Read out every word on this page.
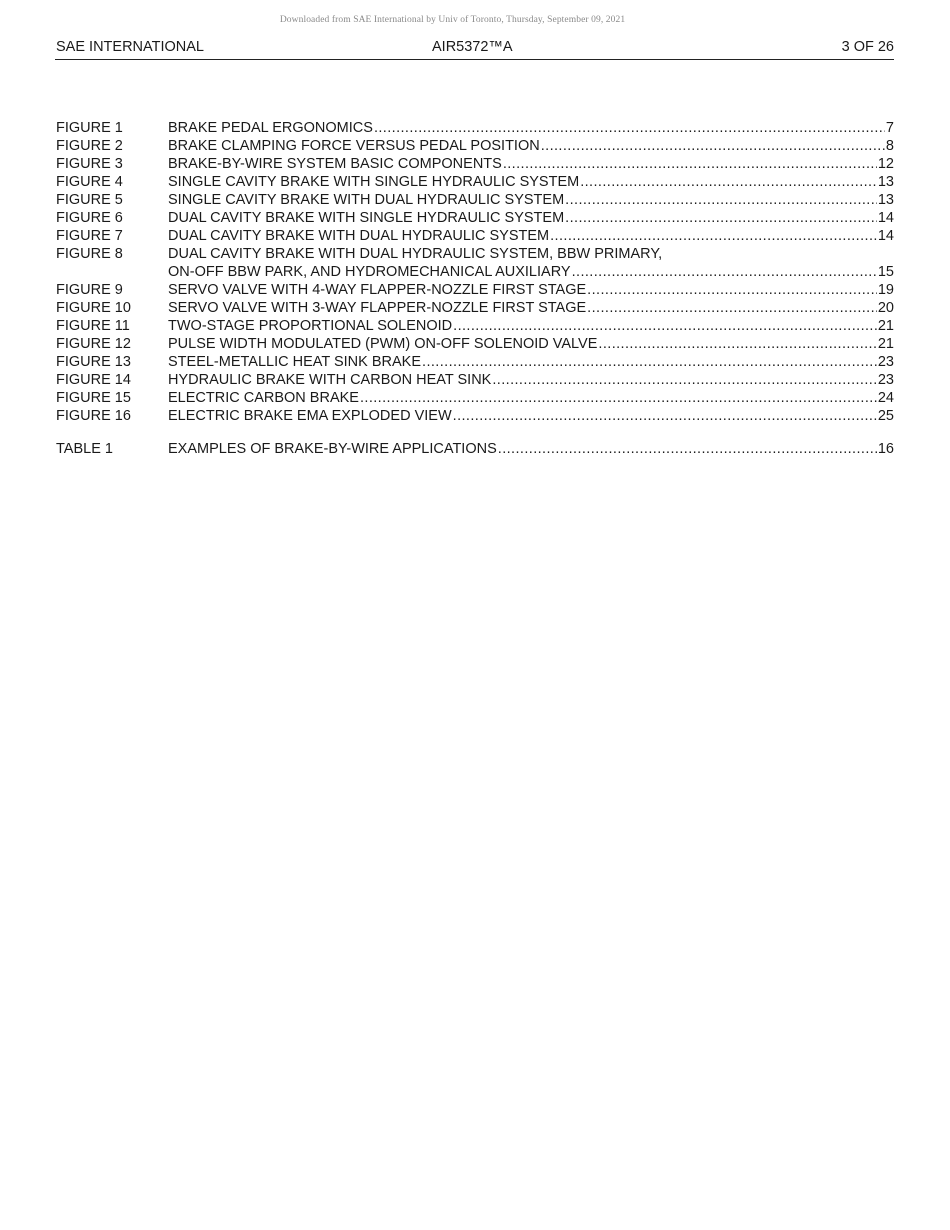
Downloaded from SAE International by Univ of Toronto, Thursday, September 09, 2021
SAE INTERNATIONAL	AIR5372™A	3 OF 26
FIGURE 1	BRAKE PEDAL ERGONOMICS .....	7
FIGURE 2	BRAKE CLAMPING FORCE VERSUS PEDAL POSITION .....	8
FIGURE 3	BRAKE-BY-WIRE SYSTEM BASIC COMPONENTS .....	12
FIGURE 4	SINGLE CAVITY BRAKE WITH SINGLE HYDRAULIC SYSTEM .....	13
FIGURE 5	SINGLE CAVITY BRAKE WITH DUAL HYDRAULIC SYSTEM .....	13
FIGURE 6	DUAL CAVITY BRAKE WITH SINGLE HYDRAULIC SYSTEM .....	14
FIGURE 7	DUAL CAVITY BRAKE WITH DUAL HYDRAULIC SYSTEM .....	14
FIGURE 8	DUAL CAVITY BRAKE WITH DUAL HYDRAULIC SYSTEM, BBW PRIMARY,
ON-OFF BBW PARK, AND HYDROMECHANICAL AUXILIARY .....	15
FIGURE 9	SERVO VALVE WITH 4-WAY FLAPPER-NOZZLE FIRST STAGE .....	19
FIGURE 10	SERVO VALVE WITH 3-WAY FLAPPER-NOZZLE FIRST STAGE .....	20
FIGURE 11	TWO-STAGE PROPORTIONAL SOLENOID .....	21
FIGURE 12	PULSE WIDTH MODULATED (PWM) ON-OFF SOLENOID VALVE .....	21
FIGURE 13	STEEL-METALLIC HEAT SINK BRAKE .....	23
FIGURE 14	HYDRAULIC BRAKE WITH CARBON HEAT SINK .....	23
FIGURE 15	ELECTRIC CARBON BRAKE .....	24
FIGURE 16	ELECTRIC BRAKE EMA EXPLODED VIEW .....	25
TABLE 1	EXAMPLES OF BRAKE-BY-WIRE APPLICATIONS .....	16
